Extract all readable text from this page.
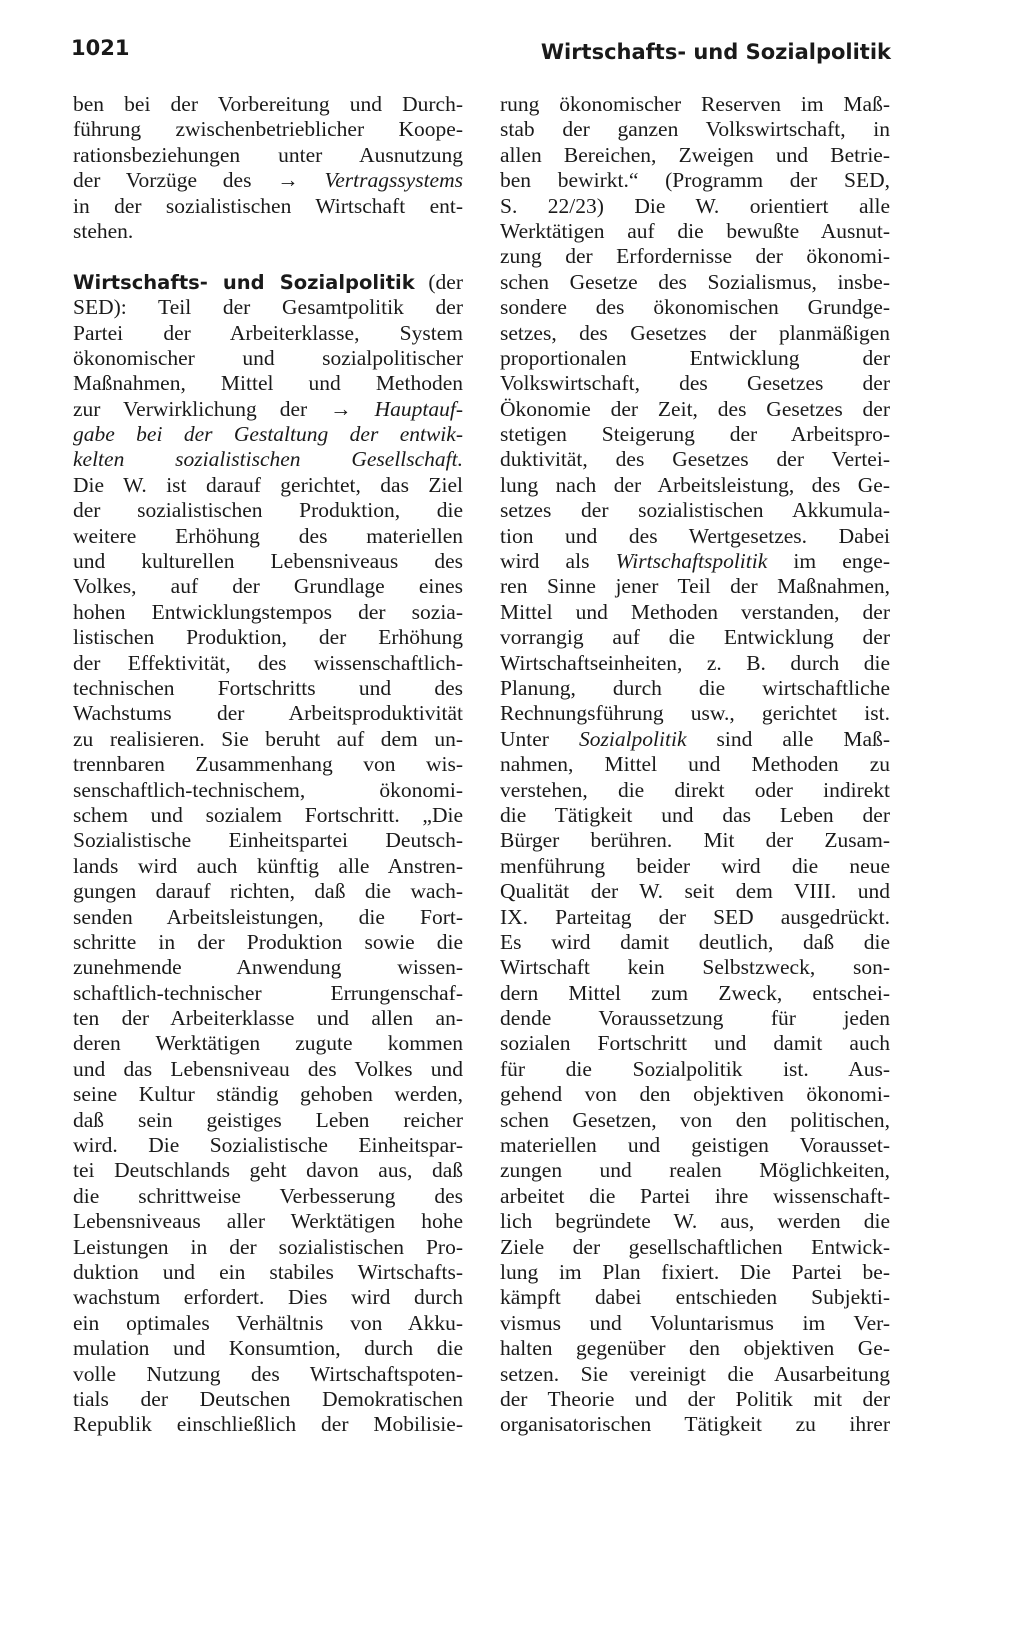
1021	Wirtschafts- und Sozialpolitik
ben bei der Vorbereitung und Durch-
führung zwischenbetrieblicher Koope-
rationsbeziehungen unter Ausnutzung
der Vorzüge des → Vertragssystems
in der sozialistischen Wirtschaft ent-
stehen.
Wirtschafts- und Sozialpolitik (der
SED): Teil der Gesamtpolitik der
Partei der Arbeiterklasse, System
ökonomischer und sozialpolitischer
Maßnahmen, Mittel und Methoden
zur Verwirklichung der → Hauptauf-
gabe bei der Gestaltung der entwik-
kelten sozialistischen Gesellschaft.
Die W. ist darauf gerichtet, das Ziel
der sozialistischen Produktion, die
weitere Erhöhung des materiellen
und kulturellen Lebensniveaus des
Volkes, auf der Grundlage eines
hohen Entwicklungstempos der sozia-
listischen Produktion, der Erhöhung
der Effektivität, des wissenschaftlich-
technischen Fortschritts und des
Wachstums der Arbeitsproduktivität
zu realisieren. Sie beruht auf dem un-
trennbaren Zusammenhang von wis-
senschaftlich-technischem, ökonomi-
schem und sozialem Fortschritt. „Die
Sozialistische Einheitspartei Deutsch-
lands wird auch künftig alle Anstren-
gungen darauf richten, daß die wach-
senden Arbeitsleistungen, die Fort-
schritte in der Produktion sowie die
zunehmende Anwendung wissen-
schaftlich-technischer Errungenschaf-
ten der Arbeiterklasse und allen an-
deren Werktätigen zugute kommen
und das Lebensniveau des Volkes und
seine Kultur ständig gehoben werden,
daß sein geistiges Leben reicher
wird. Die Sozialistische Einheitspar-
tei Deutschlands geht davon aus, daß
die schrittweise Verbesserung des
Lebensniveaus aller Werktätigen hohe
Leistungen in der sozialistischen Pro-
duktion und ein stabiles Wirtschafts-
wachstum erfordert. Dies wird durch
ein optimales Verhältnis von Akku-
mulation und Konsumtion, durch die
volle Nutzung des Wirtschaftspoten-
tials der Deutschen Demokratischen
Republik einschließlich der Mobilisie-
rung ökonomischer Reserven im Maß-
stab der ganzen Volkswirtschaft, in
allen Bereichen, Zweigen und Betrie-
ben bewirkt.“ (Programm der SED,
S. 22/23) Die W. orientiert alle
Werktätigen auf die bewußte Ausnut-
zung der Erfordernisse der ökonomi-
schen Gesetze des Sozialismus, insbe-
sondere des ökonomischen Grundge-
setzes, des Gesetzes der planmäßigen
proportionalen Entwicklung der
Volkswirtschaft, des Gesetzes der
Ökonomie der Zeit, des Gesetzes der
stetigen Steigerung der Arbeitspro-
duktivität, des Gesetzes der Vertei-
lung nach der Arbeitsleistung, des Ge-
setzes der sozialistischen Akkumula-
tion und des Wertgesetzes. Dabei
wird als Wirtschaftspolitik im enge-
ren Sinne jener Teil der Maßnahmen,
Mittel und Methoden verstanden, der
vorrangig auf die Entwicklung der
Wirtschaftseinheiten, z. B. durch die
Planung, durch die wirtschaftliche
Rechnungsführung usw., gerichtet ist.
Unter Sozialpolitik sind alle Maß-
nahmen, Mittel und Methoden zu
verstehen, die direkt oder indirekt
die Tätigkeit und das Leben der
Bürger berühren. Mit der Zusam-
menführung beider wird die neue
Qualität der W. seit dem VIII. und
IX. Parteitag der SED ausgedrückt.
Es wird damit deutlich, daß die
Wirtschaft kein Selbstzweck, son-
dern Mittel zum Zweck, entschei-
dende Voraussetzung für jeden
sozialen Fortschritt und damit auch
für die Sozialpolitik ist. Aus-
gehend von den objektiven ökonomi-
schen Gesetzen, von den politischen,
materiellen und geistigen Vorausset-
zungen und realen Möglichkeiten,
arbeitet die Partei ihre wissenschaft-
lich begründete W. aus, werden die
Ziele der gesellschaftlichen Entwick-
lung im Plan fixiert. Die Partei be-
kämpft dabei entschieden Subjekti-
vismus und Voluntarismus im Ver-
halten gegenüber den objektiven Ge-
setzen. Sie vereinigt die Ausarbeitung
der Theorie und der Politik mit der
organisatorischen Tätigkeit zu ihrer
